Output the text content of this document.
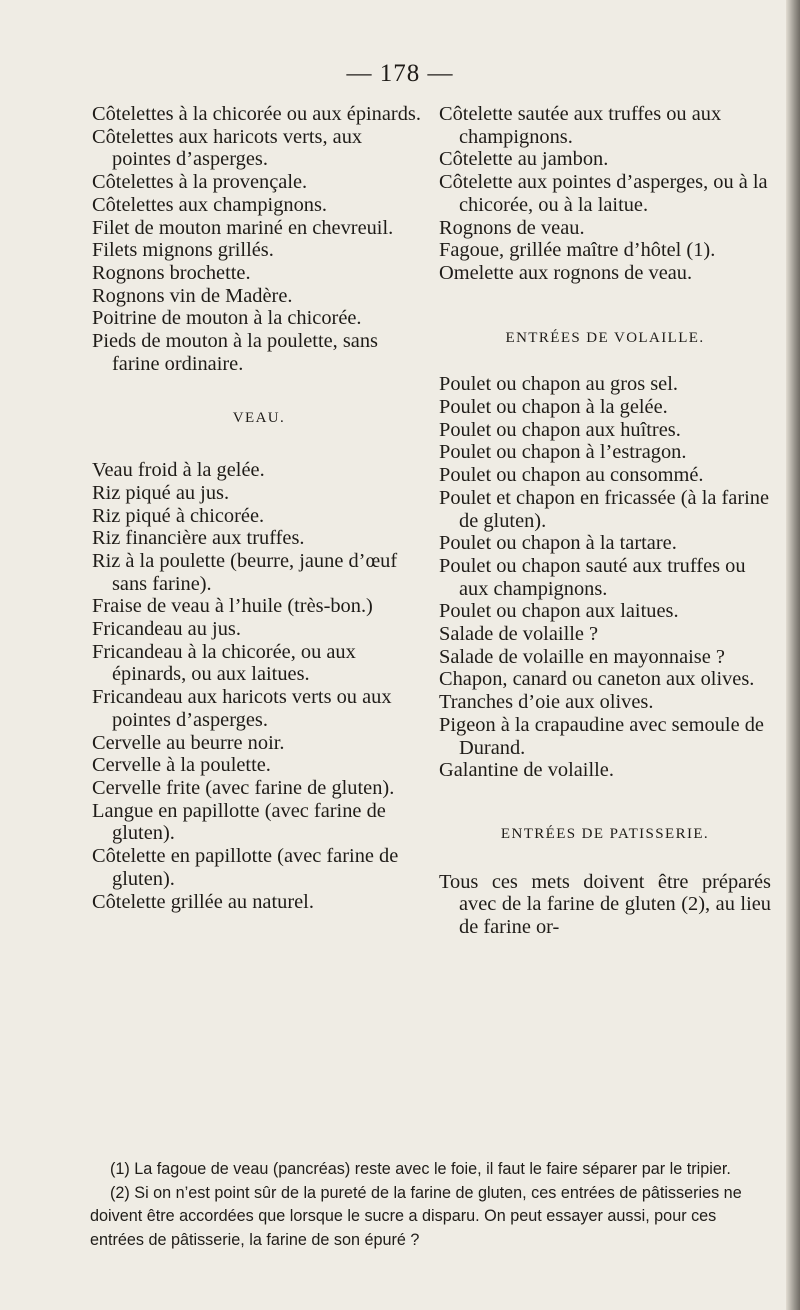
— 178 —

Côtelettes à la chicorée ou aux épinards.

Côtelettes aux haricots verts, aux pointes d’asperges.

Côtelettes à la provençale.

Côtelettes aux champignons.

Filet de mouton mariné en chevreuil.

Filets mignons grillés.

Rognons brochette.

Rognons vin de Madère.

Poitrine de mouton à la chicorée.

Pieds de mouton à la poulette, sans farine ordinaire.

VEAU.

Veau froid à la gelée.

Riz piqué au jus.

Riz piqué à chicorée.

Riz financière aux truffes.

Riz à la poulette (beurre, jaune d’œuf sans farine).

Fraise de veau à l’huile (très-bon.)

Fricandeau au jus.

Fricandeau à la chicorée, ou aux épinards, ou aux laitues.

Fricandeau aux haricots verts ou aux pointes d’asperges.

Cervelle au beurre noir.

Cervelle à la poulette.

Cervelle frite (avec farine de gluten).

Langue en papillotte (avec farine de gluten).

Côtelette en papillotte (avec farine de gluten).

Côtelette grillée au naturel.

Côtelette sautée aux truffes ou aux champignons.

Côtelette au jambon.

Côtelette aux pointes d’asperges, ou à la chicorée, ou à la laitue.

Rognons de veau.

Fagoue, grillée maître d’hôtel (1).

Omelette aux rognons de veau.

ENTRÉES DE VOLAILLE.

Poulet ou chapon au gros sel.

Poulet ou chapon à la gelée.

Poulet ou chapon aux huîtres.

Poulet ou chapon à l’estragon.

Poulet ou chapon au consommé.

Poulet et chapon en fricassée (à la farine de gluten).

Poulet ou chapon à la tartare.

Poulet ou chapon sauté aux truffes ou aux champignons.

Poulet ou chapon aux laitues.

Salade de volaille ?

Salade de volaille en mayonnaise ?

Chapon, canard ou caneton aux olives.

Tranches d’oie aux olives.

Pigeon à la crapaudine avec semoule de Durand.

Galantine de volaille.

ENTRÉES DE PATISSERIE.

Tous ces mets doivent être préparés avec de la farine de gluten (2), au lieu de farine or-

(1) La fagoue de veau (pancréas) reste avec le foie, il faut le faire séparer par le tripier.

(2) Si on n’est point sûr de la pureté de la farine de gluten, ces entrées de pâtisseries ne doivent être accordées que lorsque le sucre a disparu. On peut essayer aussi, pour ces entrées de pâtisserie, la farine de son épuré ?
